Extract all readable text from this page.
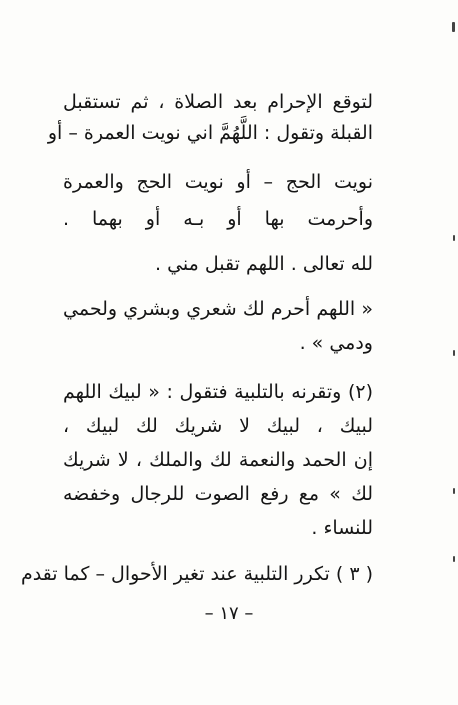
لتوقع الإحرام بعد الصلاة ، ثم تستقبل
القبلة وتقول : اللَّهُمَّ اني نويت العمرة – أو
نويت الحج – أو نويت الحج والعمرة
وأحرمت بها أو بـه أو بهما .
لله تعالى . اللهم تقبل مني .
« اللهم أحرم لك شعري وبشري ولحمي
ودمي » .
(٢) وتقرنه بالتلبية فتقول : « لبيك اللهم
لبيك ، لبيك لا شريك لك لبيك ،
إن الحمد والنعمة لك والملك ، لا شريك
لك » مع رفع الصوت للرجال وخفضه
للنساء .
( ٣ ) تكرر التلبية عند تغير الأحوال – كما تقدم
– ١٧ –
